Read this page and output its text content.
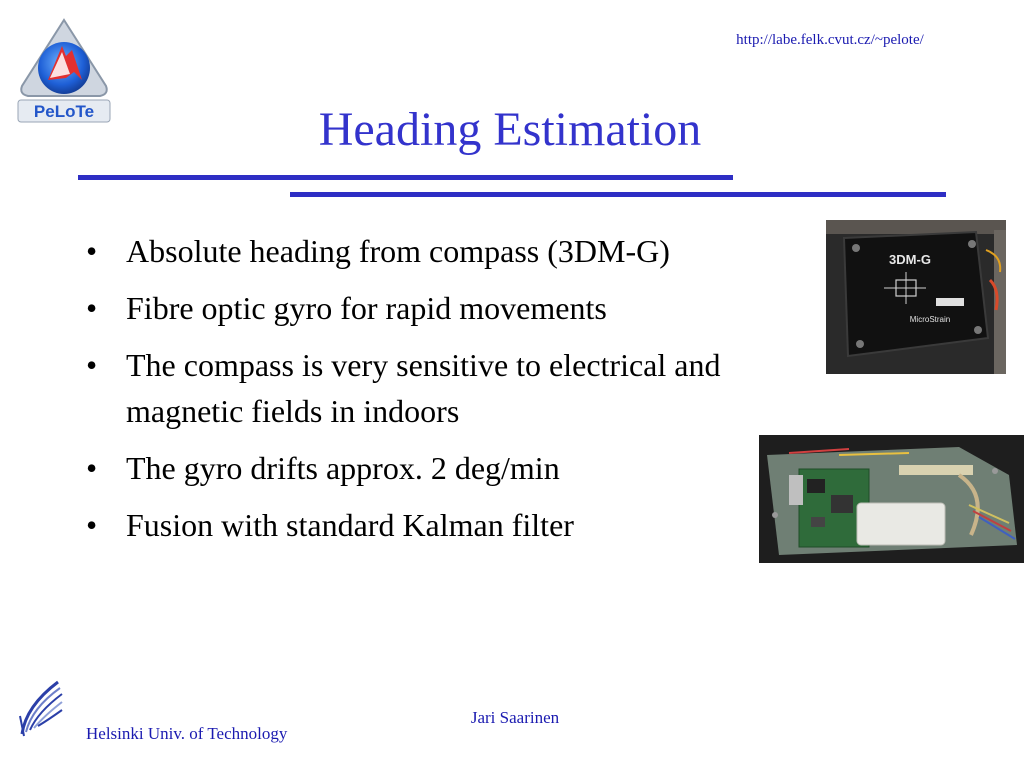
PeLoTe
http://labe.felk.cvut.cz/~pelote/
Heading Estimation
• Absolute heading from compass (3DM-G)
• Fibre optic gyro for rapid movements
• The compass is very sensitive to electrical and magnetic fields in indoors
• The gyro drifts approx. 2 deg/min
• Fusion with standard Kalman filter
3DM-G
MicroStrain
Helsinki Univ. of Technology
Jari Saarinen
